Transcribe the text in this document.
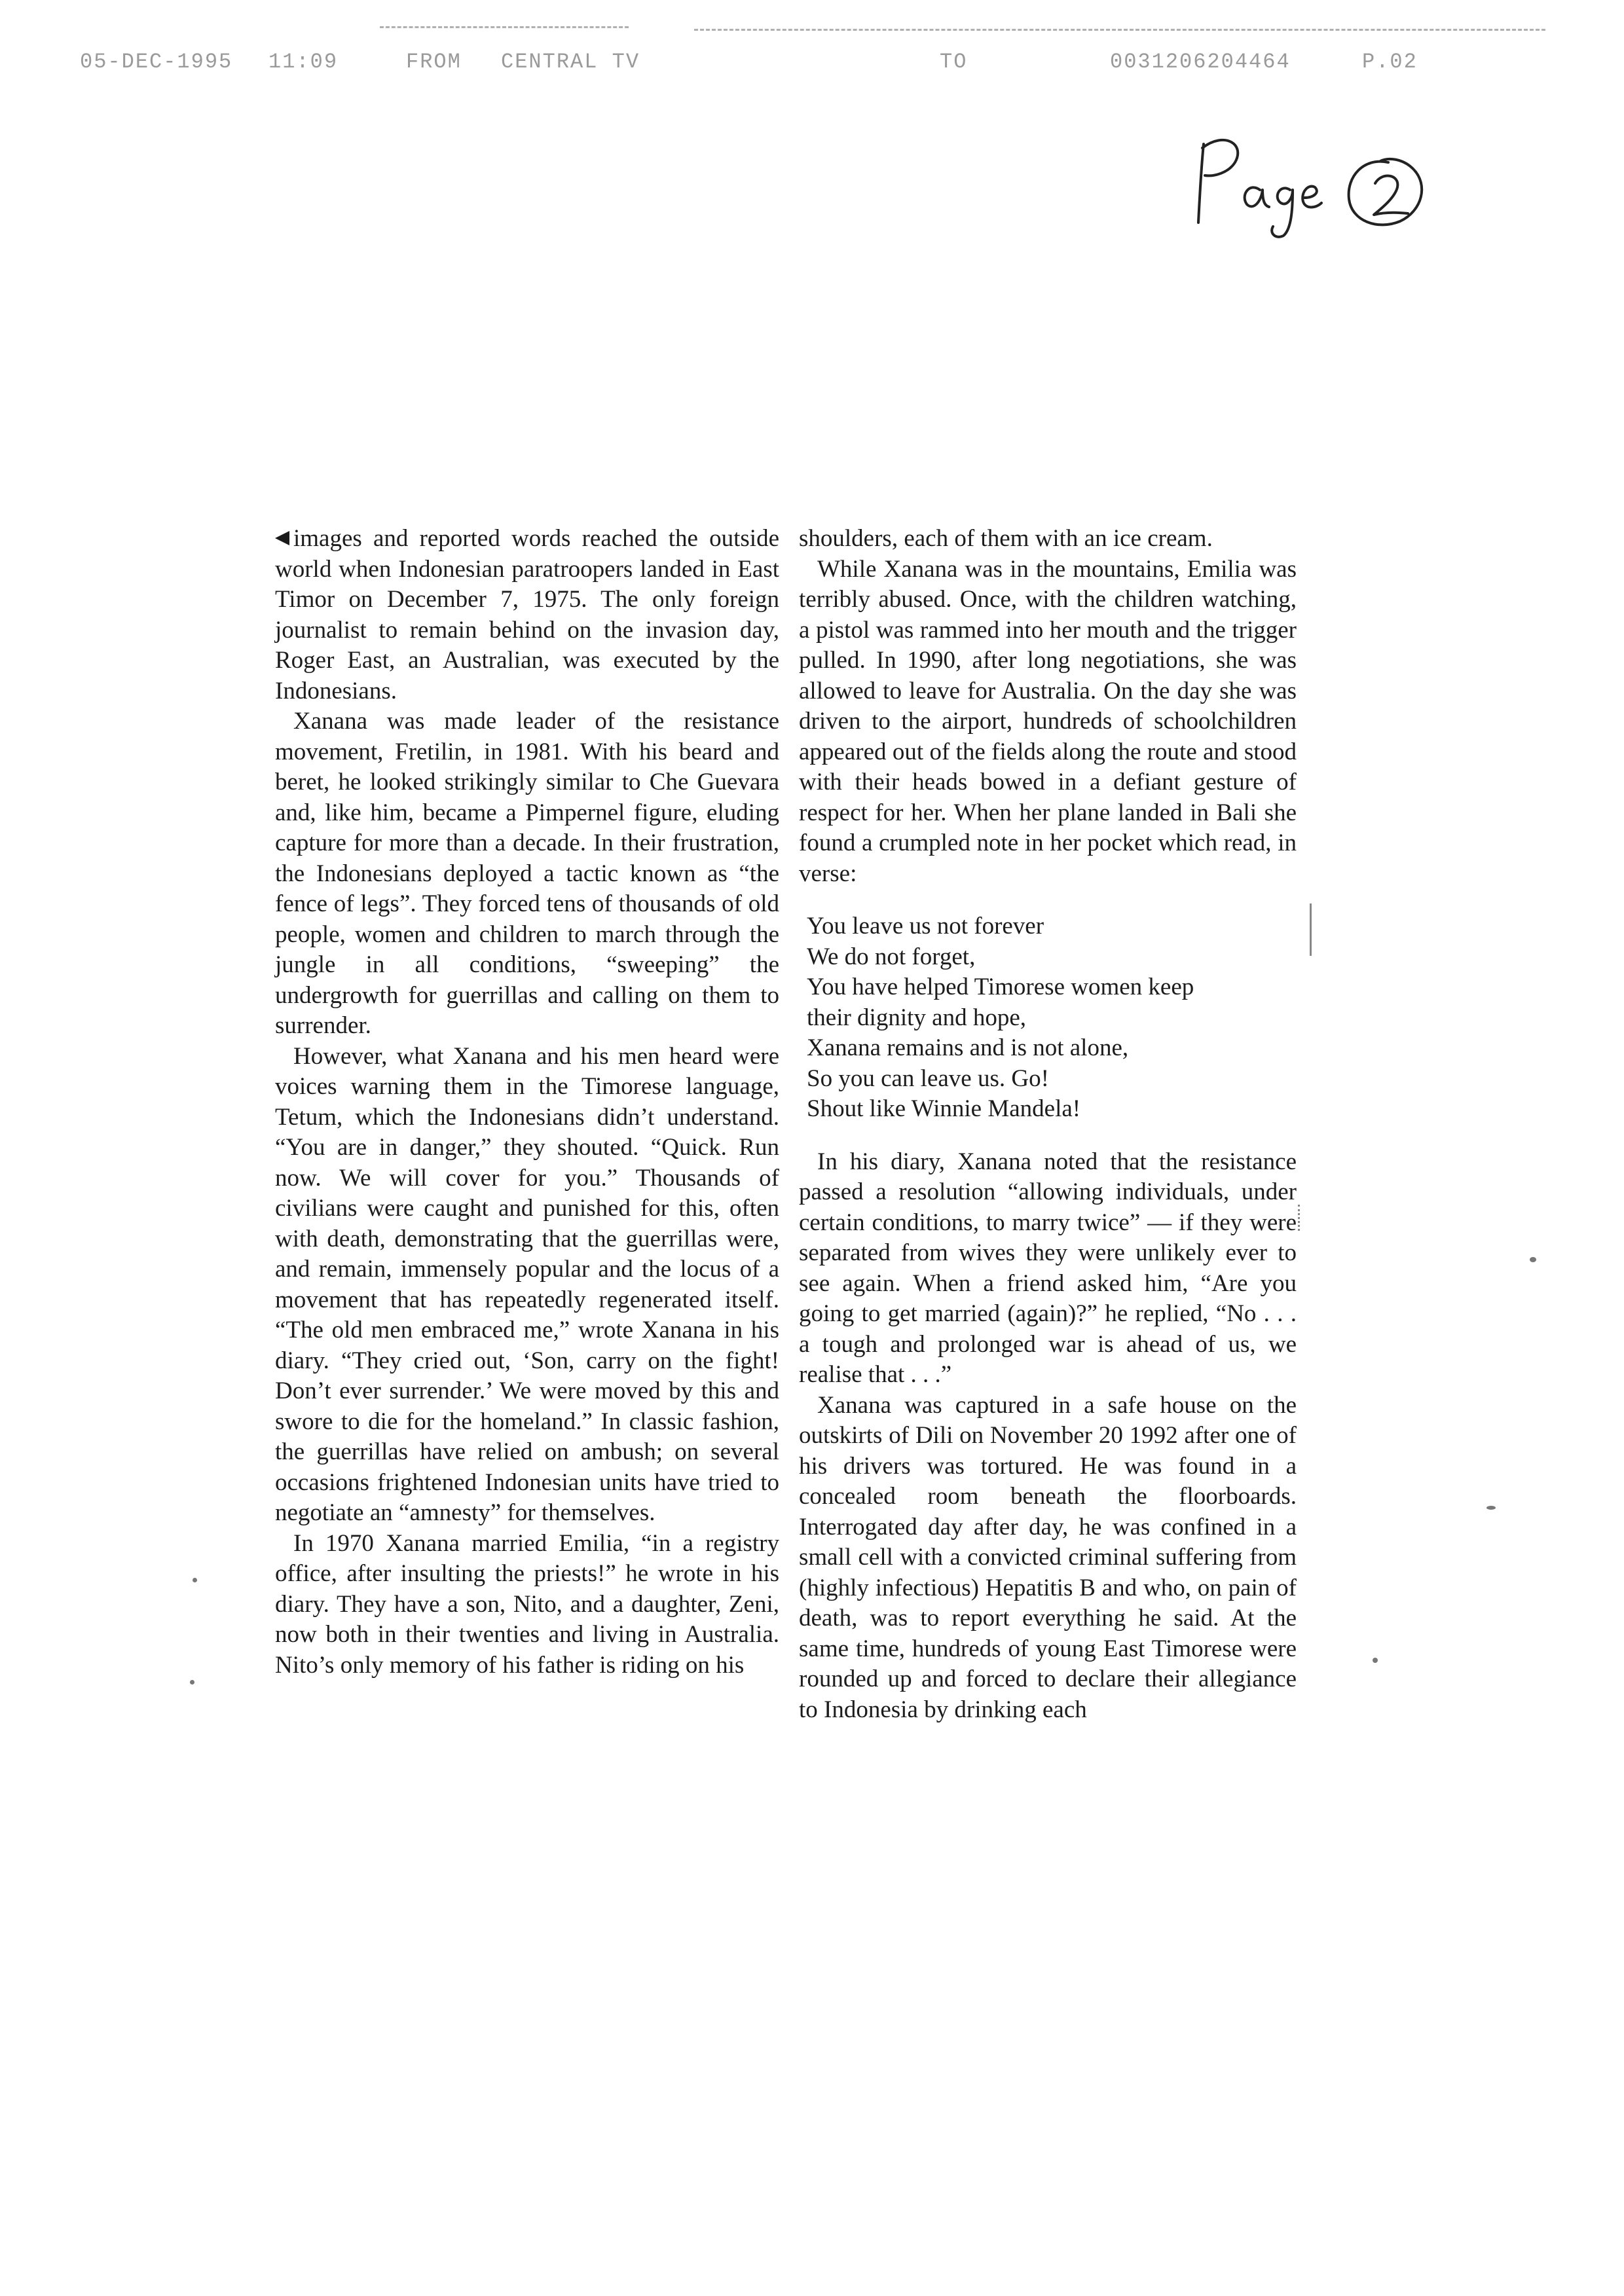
05-DEC-1995 11:09	FROM CENTRAL TV	TO	0031206204464	P.02

images and reported words reached the outside world when Indonesian paratroopers landed in East Timor on December 7, 1975. The only foreign journalist to remain behind on the invasion day, Roger East, an Australian, was executed by the Indonesians.

Xanana was made leader of the resistance movement, Fretilin, in 1981. With his beard and beret, he looked strikingly similar to Che Guevara and, like him, became a Pimpernel figure, eluding capture for more than a decade. In their frustration, the Indonesians deployed a tactic known as “the fence of legs”. They forced tens of thousands of old people, women and children to march through the jungle in all conditions, “sweeping” the undergrowth for guerrillas and calling on them to surrender.

However, what Xanana and his men heard were voices warning them in the Timorese language, Tetum, which the Indonesians didn’t understand. “You are in danger,” they shouted. “Quick. Run now. We will cover for you.” Thousands of civilians were caught and punished for this, often with death, demonstrating that the guerrillas were, and remain, immensely popular and the locus of a movement that has repeatedly regenerated itself. “The old men embraced me,” wrote Xanana in his diary. “They cried out, ‘Son, carry on the fight! Don’t ever surrender.’ We were moved by this and swore to die for the homeland.” In classic fashion, the guerrillas have relied on ambush; on several occasions frightened Indonesian units have tried to negotiate an “amnesty” for themselves.

In 1970 Xanana married Emilia, “in a registry office, after insulting the priests!” he wrote in his diary. They have a son, Nito, and a daughter, Zeni, now both in their twenties and living in Australia. Nito’s only memory of his father is riding on his

shoulders, each of them with an ice cream.

While Xanana was in the mountains, Emilia was terribly abused. Once, with the children watching, a pistol was rammed into her mouth and the trigger pulled. In 1990, after long negotiations, she was allowed to leave for Australia. On the day she was driven to the airport, hundreds of schoolchildren appeared out of the fields along the route and stood with their heads bowed in a defiant gesture of respect for her. When her plane landed in Bali she found a crumpled note in her pocket which read, in verse:

You leave us not forever
We do not forget,
You have helped Timorese women keep
their dignity and hope,
Xanana remains and is not alone,
So you can leave us. Go!
Shout like Winnie Mandela!

In his diary, Xanana noted that the resistance passed a resolution “allowing individuals, under certain conditions, to marry twice” — if they were separated from wives they were unlikely ever to see again. When a friend asked him, “Are you going to get married (again)?” he replied, “No . . . a tough and prolonged war is ahead of us, we realise that . . .”

Xanana was captured in a safe house on the outskirts of Dili on November 20 1992 after one of his drivers was tortured. He was found in a concealed room beneath the floorboards. Interrogated day after day, he was confined in a small cell with a convicted criminal suffering from (highly infectious) Hepatitis B and who, on pain of death, was to report everything he said. At the same time, hundreds of young East Timorese were rounded up and forced to declare their allegiance to Indonesia by drinking each
